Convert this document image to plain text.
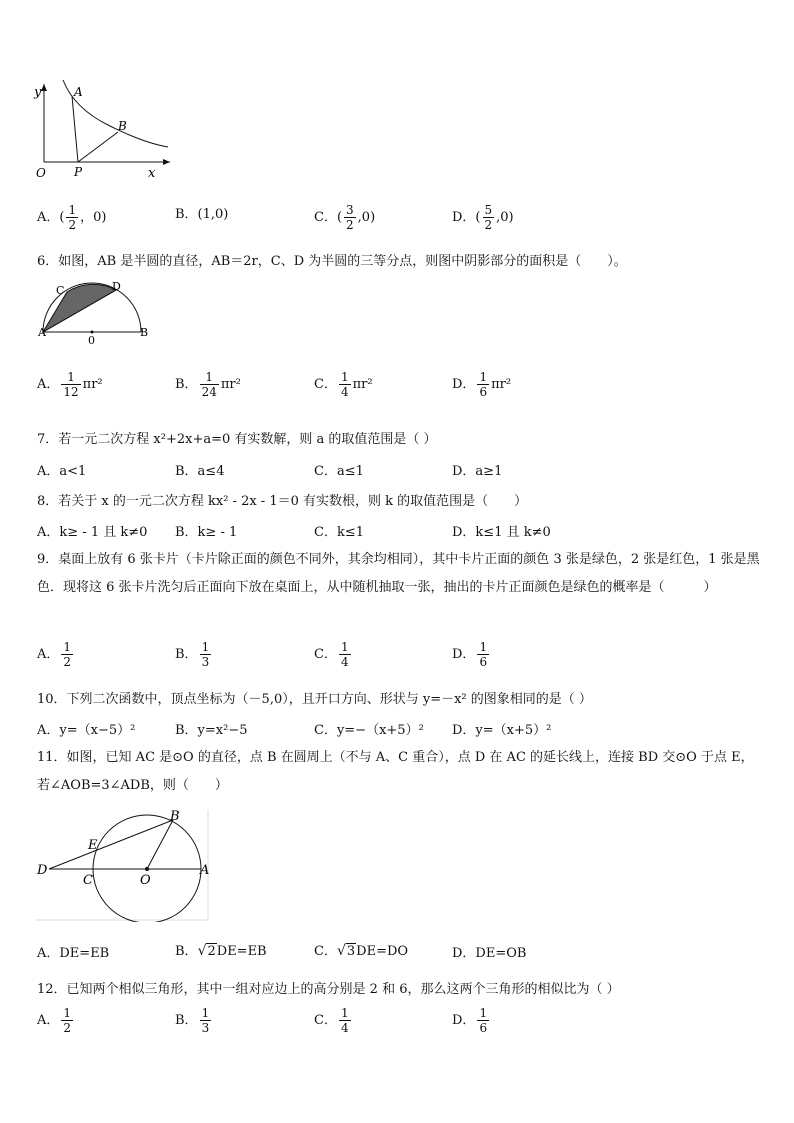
y	A
B
O P	x
A．( $\frac{1}{2}$ ，0)	B．(1,0)	C．( $\frac{3}{2} ,0$)	D．( $\frac{5}{2} ,0$)
6．如图，AB 是半圆的直径，AB＝2r，C、D 为半圆的三等分点，则图中阴影部分的面积是（　　）。
C	D
A
0
B
A． $\frac{1}{12} \pi r^2$	B． $\frac{1}{24} \pi r^2$	C． $\frac{1}{4} \pi r^2$	D． $\frac{1}{6} \pi r^2$
7．若一元二次方程 x²+2x+a=0 有实数解，则 a 的取值范围是（ ）
A．a<1	B．a≤4	C．a≤1	D．a≥1
8．若关于 x 的一元二次方程 kx² - 2x - 1＝0 有实数根，则 k 的取值范围是（　　）
A．k≥ - 1 且 k≠0 B．k≥ - 1	C．k≤1	D．k≤1 且 k≠0
9．桌面上放有 6 张卡片（卡片除正面的颜色不同外，其余均相同），其中卡片正面的颜色 3 张是绿色，2 张是红色，1 张是黑色．现将这 6 张卡片洗匀后正面向下放在桌面上，从中随机抽取一张，抽出的卡片正面颜色是绿色的概率是（　　　）
A． $\frac{1}{2}$	B． $\frac{1}{3}$	C． $\frac{1}{4}$	D． $\frac{1}{6}$
10．下列二次函数中，顶点坐标为（－5,0），且开口方向、形状与 y=－x² 的图象相同的是（ ）
A．y=（x−5）²	B．y=x²−5	C．y=−（x+5）² D．y=（x+5）²
11．如图，已知 AC 是⊙O 的直径，点 B 在圆周上（不与 A、C 重合），点 D 在 AC 的延长线上，连接 BD 交⊙O 于点 E，若∠AOB=3∠ADB，则（　　）
B
E
D
C	O
A
A．DE=EB	B．√2DE=EB	C．√3DE=DO	D．DE=OB
12．已知两个相似三角形，其中一组对应边上的高分别是 2 和 6，那么这两个三角形的相似比为（ ）
A． $\frac{1}{2}$	B． $\frac{1}{3}$	C． $\frac{1}{4}$	D． $\frac{1}{6}$
